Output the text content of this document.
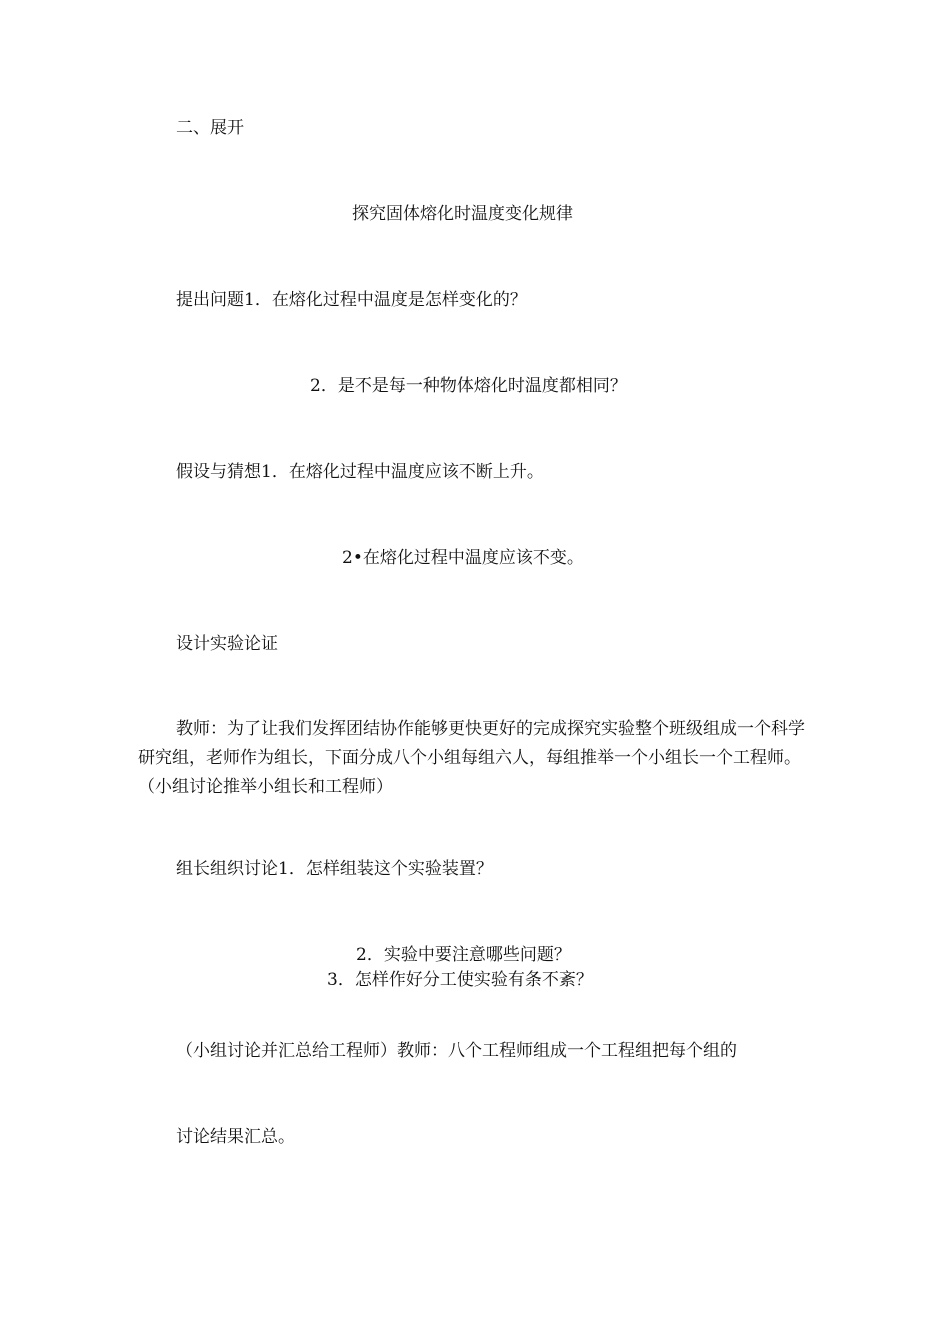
二、展开
探究固体熔化时温度变化规律
提出问题1．在熔化过程中温度是怎样变化的？
2．是不是每一种物体熔化时温度都相同？
假设与猜想1．在熔化过程中温度应该不断上升。
2•在熔化过程中温度应该不变。
设计实验论证
教师：为了让我们发挥团结协作能够更快更好的完成探究实验整个班级组成一个科学研究组，老师作为组长，下面分成八个小组每组六人，每组推举一个小组长一个工程师。（小组讨论推举小组长和工程师）
组长组织讨论1．怎样组装这个实验装置？
2．实验中要注意哪些问题？
3．怎样作好分工使实验有条不紊？
（小组讨论并汇总给工程师）教师：八个工程师组成一个工程组把每个组的
讨论结果汇总。
